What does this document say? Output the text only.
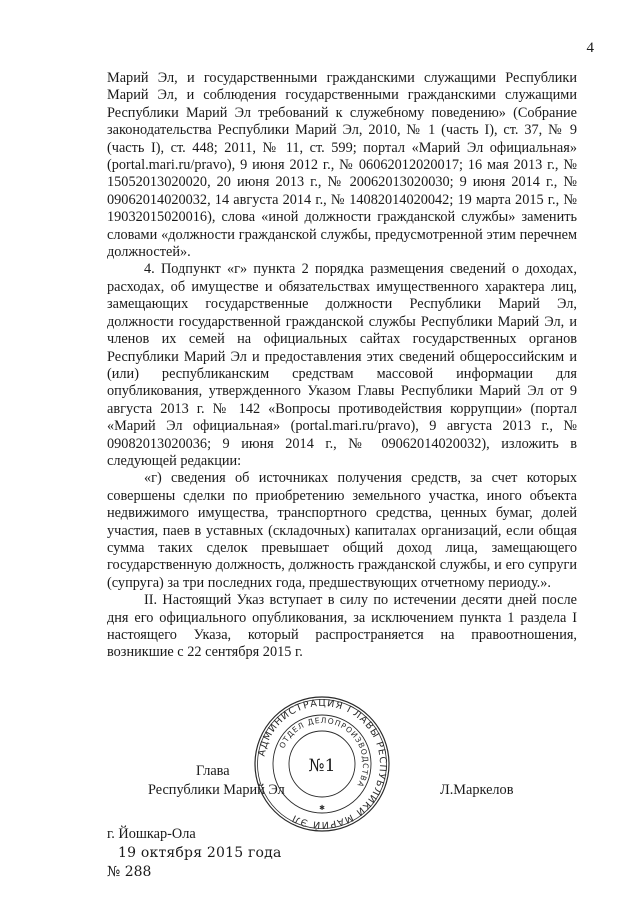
4

Марий Эл, и государственными гражданскими служащими Республики Марий Эл, и соблюдения государственными гражданскими служащими Республики Марий Эл требований к служебному поведению» (Собрание законодательства Республики Марий Эл, 2010, № 1 (часть I), ст. 37, № 9 (часть I), ст. 448; 2011, № 11, ст. 599; портал «Марий Эл официальная» (portal.mari.ru/pravo), 9 июня 2012 г., № 06062012020017; 16 мая 2013 г., № 15052013020020, 20 июня 2013 г., № 20062013020030; 9 июня 2014 г., № 09062014020032, 14 августа 2014 г., № 14082014020042; 19 марта 2015 г., № 19032015020016), слова «иной должности гражданской службы» заменить словами «должности гражданской службы, предусмотренной этим перечнем должностей».

4. Подпункт «г» пункта 2 порядка размещения сведений о доходах, расходах, об имуществе и обязательствах имущественного характера лиц, замещающих государственные должности Республики Марий Эл, должности государственной гражданской службы Республики Марий Эл, и членов их семей на официальных сайтах государственных органов Республики Марий Эл и предоставления этих сведений общероссийским и (или) республиканским средствам массовой информации для опубликования, утвержденного Указом Главы Республики Марий Эл от 9 августа 2013 г. № 142 «Вопросы противодействия коррупции» (портал «Марий Эл официальная» (portal.mari.ru/pravo), 9 августа 2013 г., № 09082013020036; 9 июня 2014 г., № 09062014020032), изложить в следующей редакции:

«г) сведения об источниках получения средств, за счет которых совершены сделки по приобретению земельного участка, иного объекта недвижимого имущества, транспортного средства, ценных бумаг, долей участия, паев в уставных (складочных) капиталах организаций, если общая сумма таких сделок превышает общий доход лица, замещающего государственную должность, должность гражданской службы, и его супруги (супруга) за три последних года, предшествующих отчетному периоду.».

II. Настоящий Указ вступает в силу по истечении десяти дней после дня его официального опубликования, за исключением пункта 1 раздела I настоящего Указа, который распространяется на правоотношения, возникшие с 22 сентября 2015 г.

Глава
Республики Марий Эл	Л.Маркелов
АДМИНИСТРАЦИЯ ГЛАВЫ РЕСПУБЛИКИ МАРИЙ ЭЛ
ОТДЕЛ ДЕЛОПРОИЗВОДСТВА
№1
✱
г. Йошкар-Ола
19 октября 2015 года
№ 288
